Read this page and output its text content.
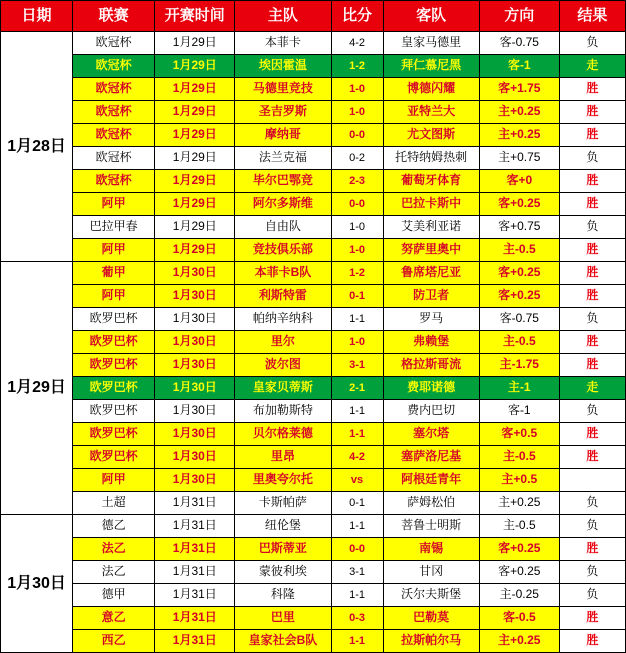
日期	联赛	开赛时间	主队	比分	客队	方向	结果
1月28日	欧冠杯	1月29日	本菲卡	4-2	皇家马德里	客-0.75	负
	欧冠杯	1月29日	埃因霍温	1-2	拜仁慕尼黑	客-1	走
	欧冠杯	1月29日	马德里竞技	1-0	博德闪耀	客+1.75	胜
	欧冠杯	1月29日	圣吉罗斯	1-0	亚特兰大	主+0.25	胜
	欧冠杯	1月29日	摩纳哥	0-0	尤文图斯	主+0.25	胜
	欧冠杯	1月29日	法兰克福	0-2	托特纳姆热刺	主+0.75	负
	欧冠杯	1月29日	毕尔巴鄂竞	2-3	葡萄牙体育	客+0	胜
	阿甲	1月29日	阿尔多斯维	0-0	巴拉卡斯中	客+0.25	胜
	巴拉甲春	1月29日	自由队	1-0	艾美利亚诺	客+0.75	负
	阿甲	1月29日	竞技俱乐部	1-0	努萨里奥中	主-0.5	胜
1月29日	葡甲	1月30日	本菲卡B队	1-2	鲁席塔尼亚	客+0.25	胜
	阿甲	1月30日	利斯特雷	0-1	防卫者	客+0.25	胜
	欧罗巴杯	1月30日	帕纳辛纳科	1-1	罗马	客-0.75	负
	欧罗巴杯	1月30日	里尔	1-0	弗赖堡	主-0.5	胜
	欧罗巴杯	1月30日	波尔图	3-1	格拉斯哥流	主-1.75	胜
	欧罗巴杯	1月30日	皇家贝蒂斯	2-1	费耶诺德	主-1	走
	欧罗巴杯	1月30日	布加勒斯特	1-1	费内巴切	客-1	负
	欧罗巴杯	1月30日	贝尔格莱德	1-1	塞尔塔	客+0.5	胜
	欧罗巴杯	1月30日	里昂	4-2	塞萨洛尼基	主-0.5	胜
	阿甲	1月30日	里奥夸尔托	vs	阿根廷青年	主+0.5	
	土超	1月31日	卡斯帕萨	0-1	萨姆松伯	主+0.25	负
1月30日	德乙	1月31日	纽伦堡	1-1	菩鲁士明斯	主-0.5	负
	法乙	1月31日	巴斯蒂亚	0-0	南锡	客+0.25	胜
	法乙	1月31日	蒙彼利埃	3-1	甘冈	客+0.25	负
	德甲	1月31日	科隆	1-1	沃尔夫斯堡	主-0.25	负
	意乙	1月31日	巴里	0-3	巴勒莫	客-0.5	胜
	西乙	1月31日	皇家社会B队	1-1	拉斯帕尔马	主+0.25	胜
